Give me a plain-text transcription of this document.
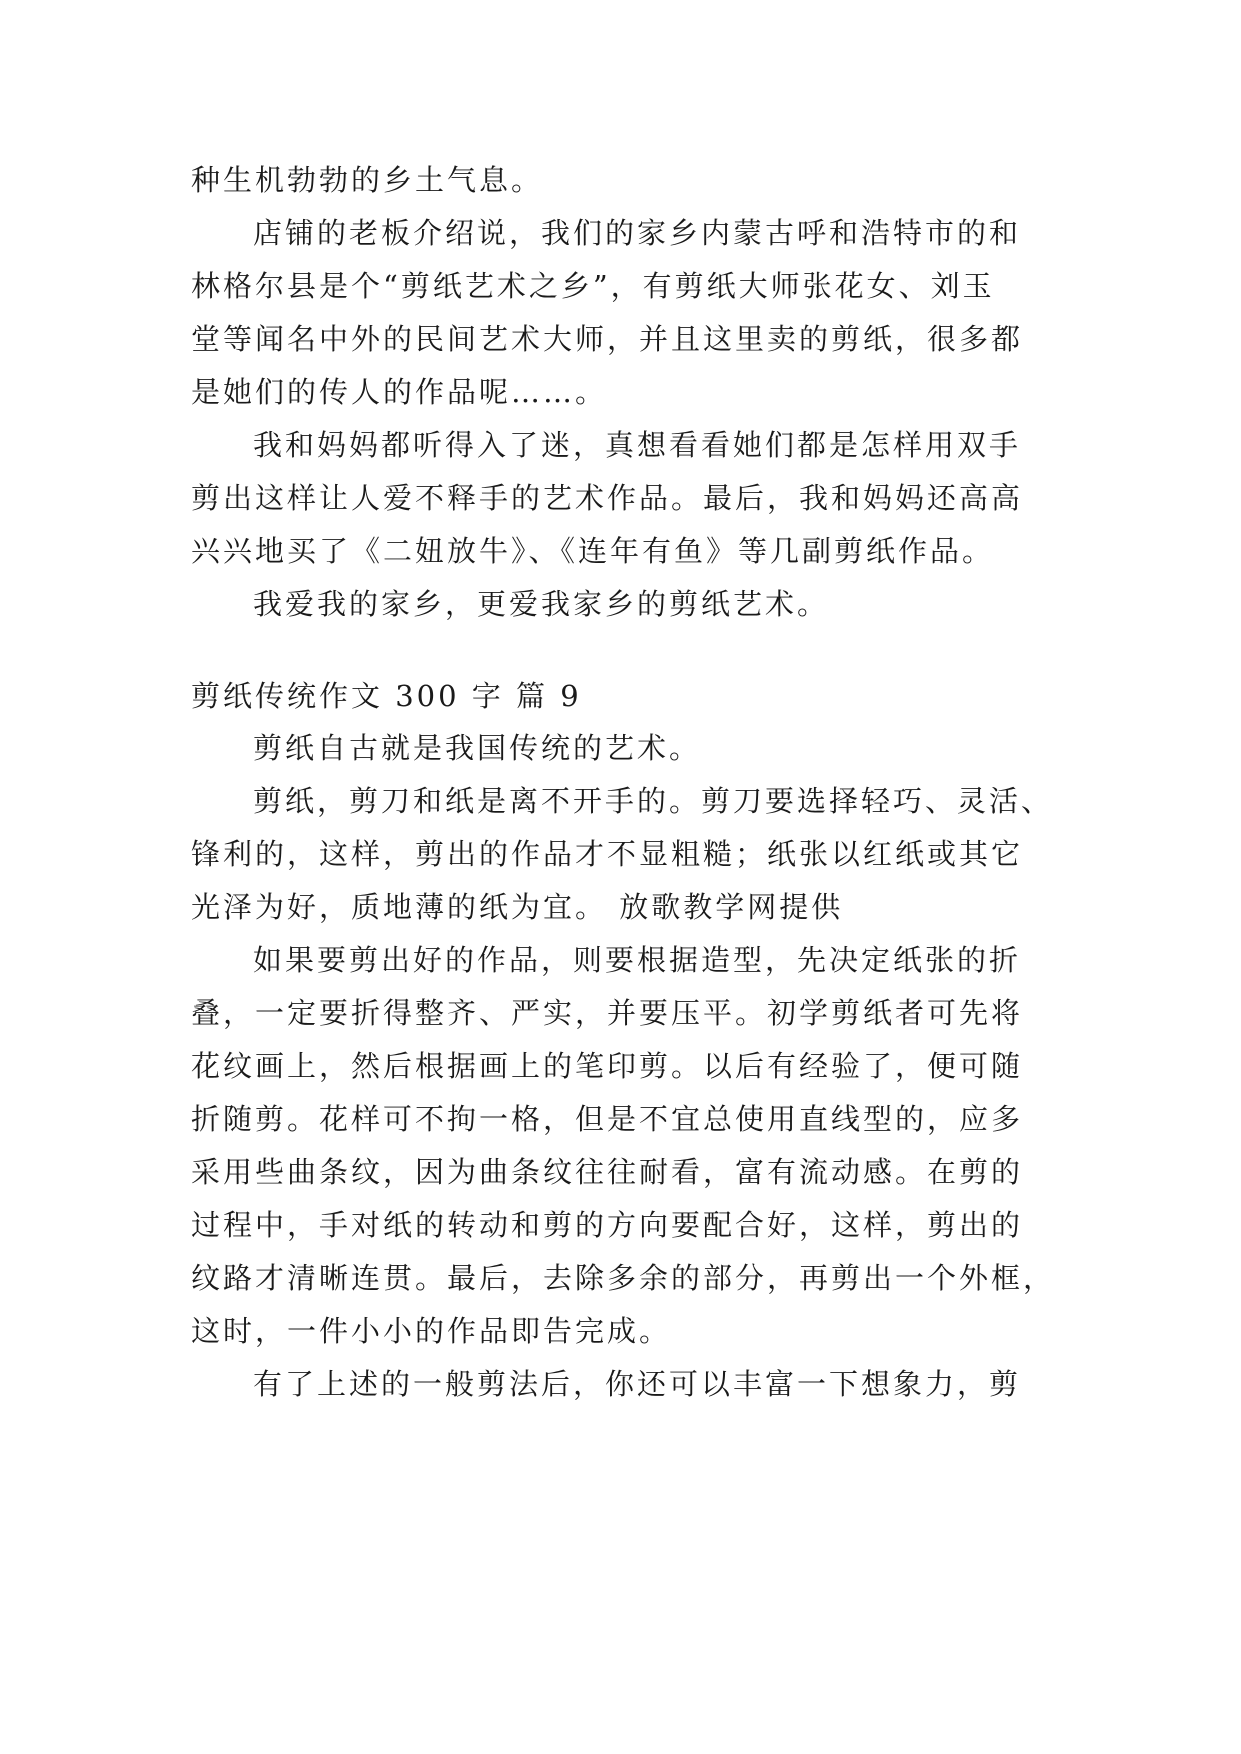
种生机勃勃的乡土气息。
店铺的老板介绍说，我们的家乡内蒙古呼和浩特市的和
林格尔县是个“剪纸艺术之乡”，有剪纸大师张花女、刘玉
堂等闻名中外的民间艺术大师，并且这里卖的剪纸，很多都
是她们的传人的作品呢……。
我和妈妈都听得入了迷，真想看看她们都是怎样用双手
剪出这样让人爱不释手的艺术作品。最后，我和妈妈还高高
兴兴地买了《二妞放牛》、《连年有鱼》等几副剪纸作品。
我爱我的家乡，更爱我家乡的剪纸艺术。
剪纸传统作文 300 字 篇 9
剪纸自古就是我国传统的艺术。
剪纸，剪刀和纸是离不开手的。剪刀要选择轻巧、灵活、
锋利的，这样，剪出的作品才不显粗糙；纸张以红纸或其它
光泽为好，质地薄的纸为宜。 放歌教学网提供
如果要剪出好的作品，则要根据造型，先决定纸张的折
叠，一定要折得整齐、严实，并要压平。初学剪纸者可先将
花纹画上，然后根据画上的笔印剪。以后有经验了，便可随
折随剪。花样可不拘一格，但是不宜总使用直线型的，应多
采用些曲条纹，因为曲条纹往往耐看，富有流动感。在剪的
过程中，手对纸的转动和剪的方向要配合好，这样，剪出的
纹路才清晰连贯。最后，去除多余的部分，再剪出一个外框，
这时，一件小小的作品即告完成。
有了上述的一般剪法后，你还可以丰富一下想象力，剪
